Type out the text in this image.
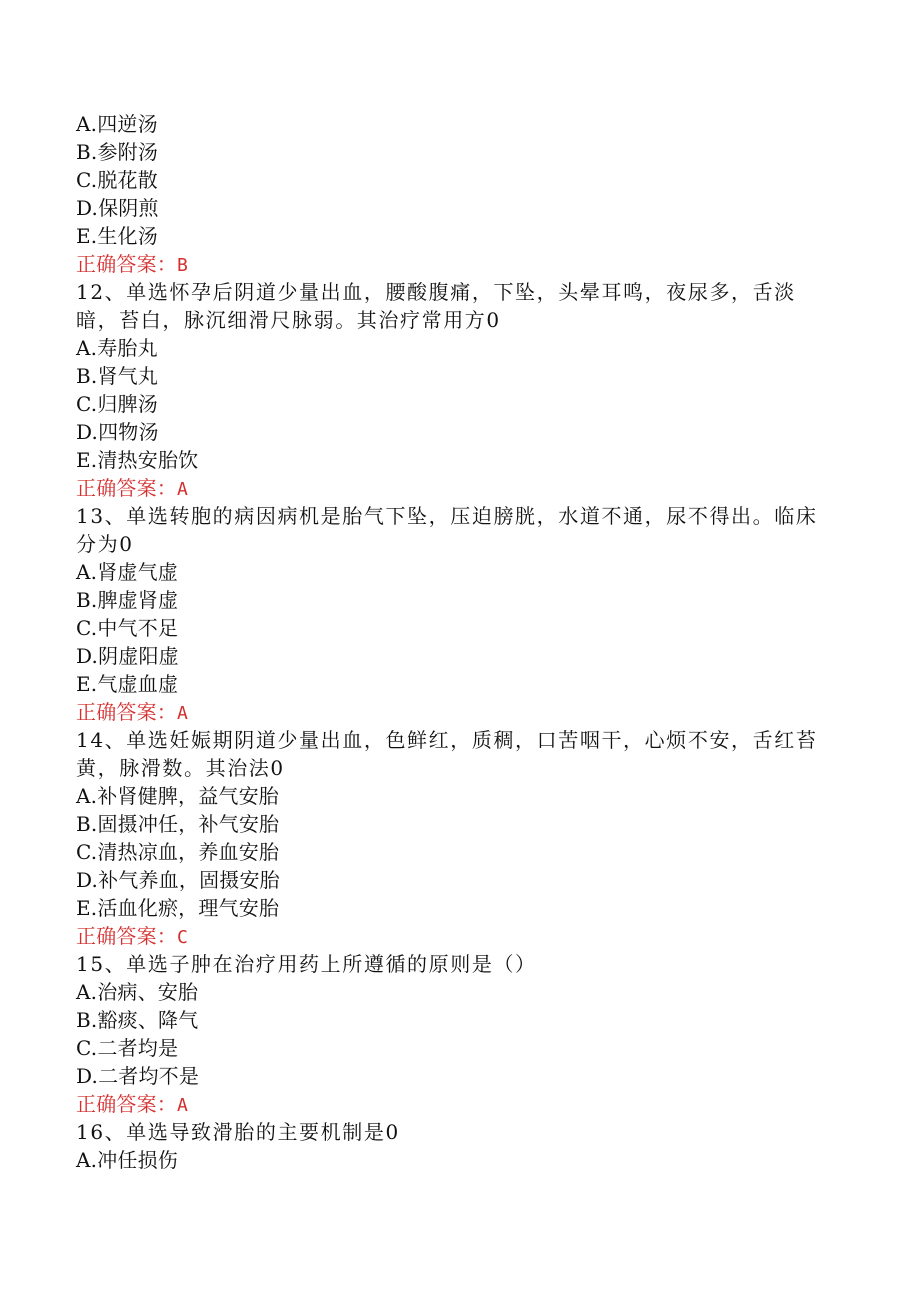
A.四逆汤
B.参附汤
C.脱花散
D.保阴煎
E.生化汤
正确答案：B
12、单选怀孕后阴道少量出血，腰酸腹痛，下坠，头晕耳鸣，夜尿多，舌淡
暗，苔白，脉沉细滑尺脉弱。其治疗常用方0
A.寿胎丸
B.肾气丸
C.归脾汤
D.四物汤
E.清热安胎饮
正确答案：A
13、单选转胞的病因病机是胎气下坠，压迫膀胱，水道不通，尿不得出。临床
分为0
A.肾虚气虚
B.脾虚肾虚
C.中气不足
D.阴虚阳虚
E.气虚血虚
正确答案：A
14、单选妊娠期阴道少量出血，色鲜红，质稠，口苦咽干，心烦不安，舌红苔
黄，脉滑数。其治法0
A.补肾健脾，益气安胎
B.固摄冲任，补气安胎
C.清热凉血，养血安胎
D.补气养血，固摄安胎
E.活血化瘀，理气安胎
正确答案：C
15、单选子肿在治疗用药上所遵循的原则是（）
A.治病、安胎
B.豁痰、降气
C.二者均是
D.二者均不是
正确答案：A
16、单选导致滑胎的主要机制是0
A.冲任损伤
